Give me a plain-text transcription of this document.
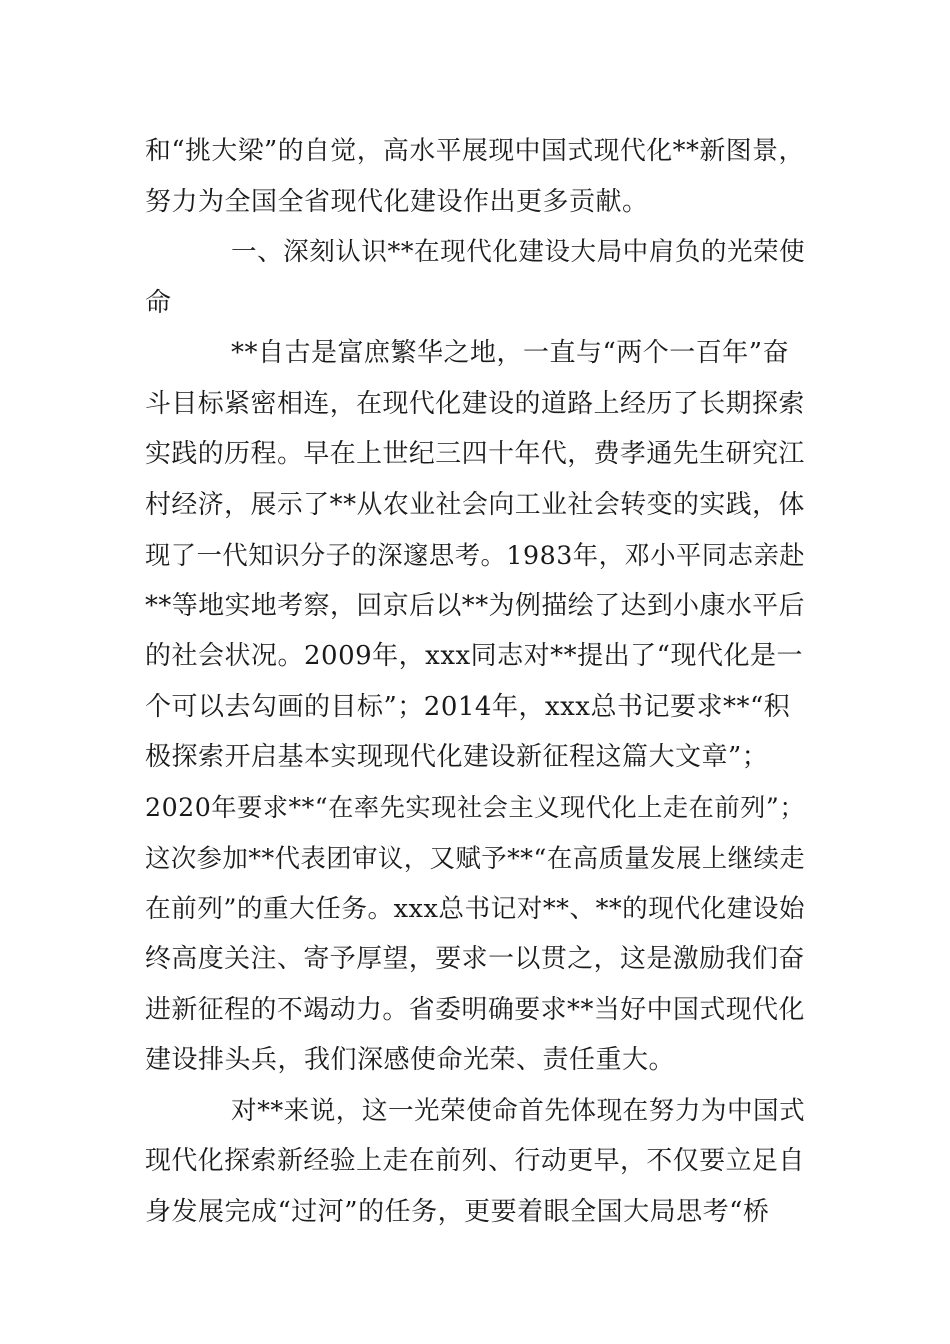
和“挑大梁”的自觉，高水平展现中国式现代化**新图景，
努力为全国全省现代化建设作出更多贡献。
一、深刻认识**在现代化建设大局中肩负的光荣使
命
**自古是富庶繁华之地，一直与“两个一百年”奋
斗目标紧密相连，在现代化建设的道路上经历了长期探索
实践的历程。早在上世纪三四十年代，费孝通先生研究江
村经济，展示了**从农业社会向工业社会转变的实践，体
现了一代知识分子的深邃思考。1983年，邓小平同志亲赴
**等地实地考察，回京后以**为例描绘了达到小康水平后
的社会状况。2009年，xxx同志对**提出了“现代化是一
个可以去勾画的目标”；2014年，xxx总书记要求**“积
极探索开启基本实现现代化建设新征程这篇大文章”；
2020年要求**“在率先实现社会主义现代化上走在前列”；
这次参加**代表团审议，又赋予**“在高质量发展上继续走
在前列”的重大任务。xxx总书记对**、**的现代化建设始
终高度关注、寄予厚望，要求一以贯之，这是激励我们奋
进新征程的不竭动力。省委明确要求**当好中国式现代化
建设排头兵，我们深感使命光荣、责任重大。
对**来说，这一光荣使命首先体现在努力为中国式
现代化探索新经验上走在前列、行动更早，不仅要立足自
身发展完成“过河”的任务，更要着眼全国大局思考“桥
